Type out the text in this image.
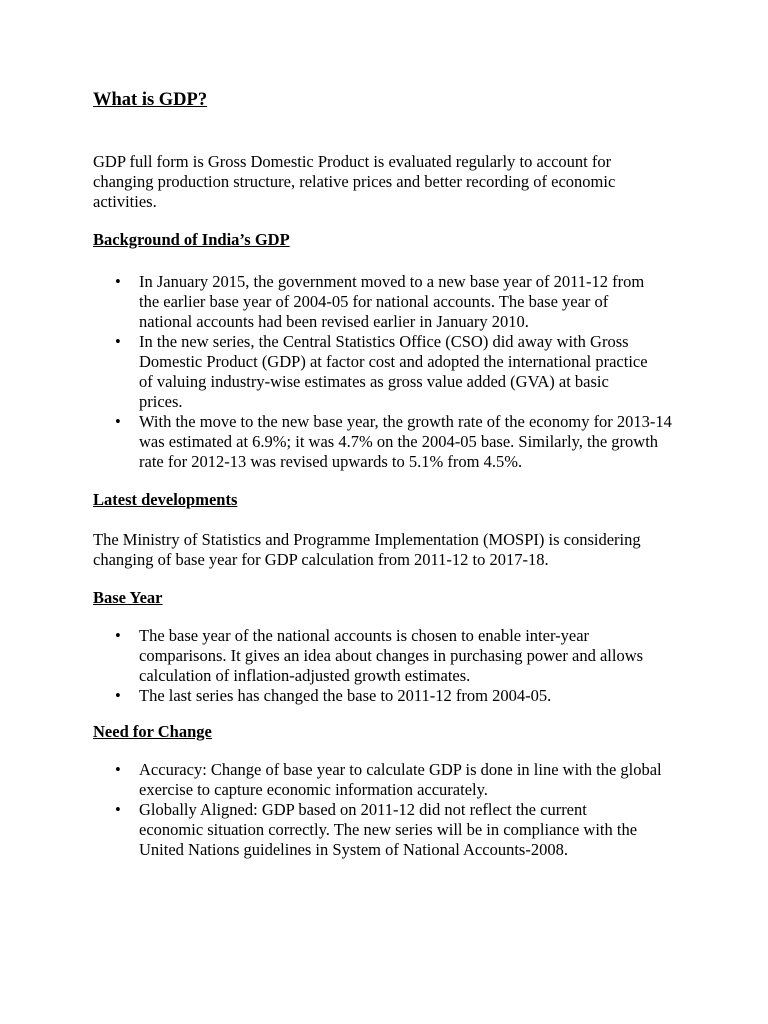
What is GDP?

GDP full form is Gross Domestic Product is evaluated regularly to account for changing production structure, relative prices and better recording of economic activities.

Background of India’s GDP
• In January 2015, the government moved to a new base year of 2011-12 from the earlier base year of 2004-05 for national accounts. The base year of national accounts had been revised earlier in January 2010.
• In the new series, the Central Statistics Office (CSO) did away with Gross Domestic Product (GDP) at factor cost and adopted the international practice of valuing industry-wise estimates as gross value added (GVA) at basic prices.
• With the move to the new base year, the growth rate of the economy for 2013-14 was estimated at 6.9%; it was 4.7% on the 2004-05 base. Similarly, the growth rate for 2012-13 was revised upwards to 5.1% from 4.5%.
Latest developments

The Ministry of Statistics and Programme Implementation (MOSPI) is considering changing of base year for GDP calculation from 2011-12 to 2017-18.

Base Year
• The base year of the national accounts is chosen to enable inter-year comparisons. It gives an idea about changes in purchasing power and allows calculation of inflation-adjusted growth estimates.
• The last series has changed the base to 2011-12 from 2004-05.
Need for Change
• Accuracy: Change of base year to calculate GDP is done in line with the global exercise to capture economic information accurately.
• Globally Aligned: GDP based on 2011-12 did not reflect the current economic situation correctly. The new series will be in compliance with the United Nations guidelines in System of National Accounts-2008.
